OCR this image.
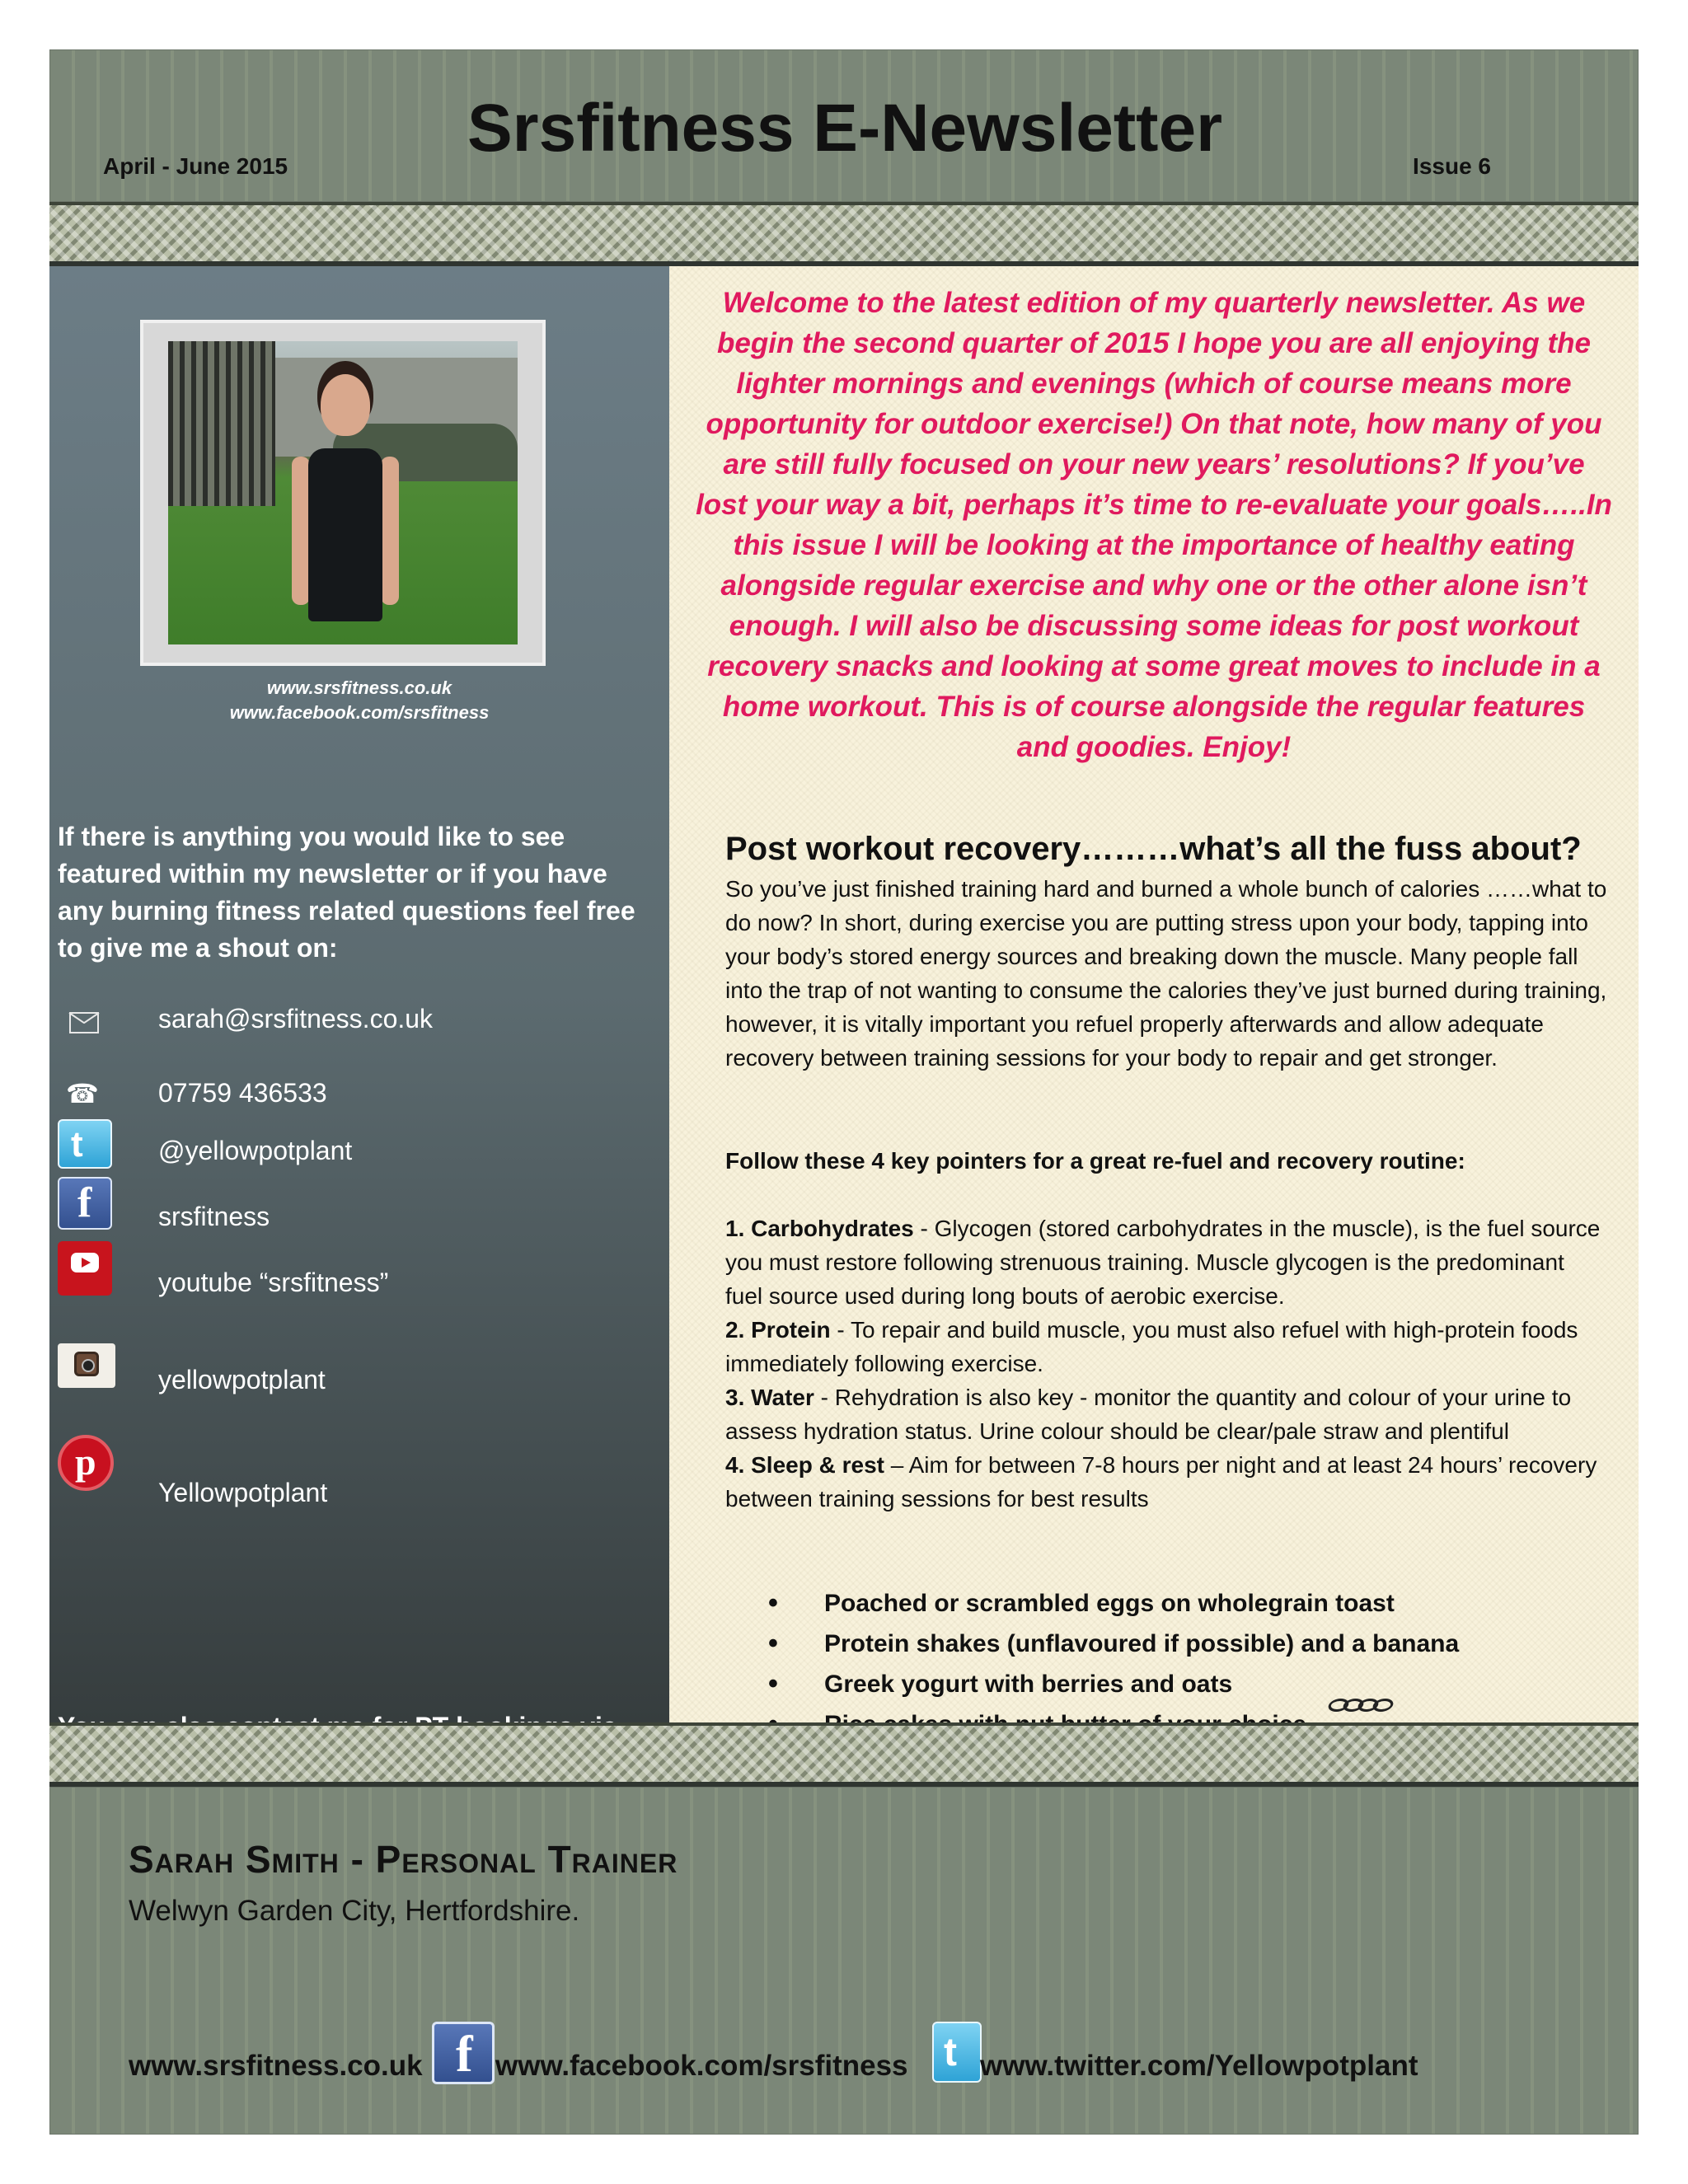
April - June 2015
Srsfitness E-Newsletter
Issue 6
www.srsfitness.co.uk
www.facebook.com/srsfitness
If there is anything you would like to see featured within my newsletter or if you have any burning fitness related questions feel free to give me a shout on:
sarah@srsfitness.co.uk
☎ 07759 436533
t	@yellowpotplant
f	srsfitness
youtube “srsfitness”
yellowpotplant
p
Yellowpotplant
Welcome to the latest edition of my quarterly newsletter. As we begin the second quarter of 2015 I hope you are all enjoying the lighter mornings and evenings (which of course means more opportunity for outdoor exercise!) On that note, how many of you are still fully focused on your new years’ resolutions? If you’ve lost your way a bit, perhaps it’s time to re-evaluate your goals…..In this issue I will be looking at the importance of healthy eating alongside regular exercise and why one or the other alone isn’t enough. I will also be discussing some ideas for post workout recovery snacks and looking at some great moves to include in a home workout. This is of course alongside the regular features and goodies. Enjoy!
Post workout recovery………what’s all the fuss about?
So you’ve just finished training hard and burned a whole bunch of calories ……what to do now? In short, during exercise you are putting stress upon your body, tapping into your body’s stored energy sources and breaking down the muscle. Many people fall into the trap of not wanting to consume the calories they’ve just burned during training, however, it is vitally important you refuel properly afterwards and allow adequate recovery between training sessions for your body to repair and get stronger.
Follow these 4 key pointers for a great re-fuel and recovery routine:
1. Carbohydrates - Glycogen (stored carbohydrates in the muscle), is the fuel source you must restore following strenuous training. Muscle glycogen is the predominant fuel source used during long bouts of aerobic exercise.
2. Protein - To repair and build muscle, you must also refuel with high-protein foods immediately following exercise.
3. Water - Rehydration is also key - monitor the quantity and colour of your urine to assess hydration status. Urine colour should be clear/pale straw and plentiful
4. Sleep & rest – Aim for between 7-8 hours per night and at least 24 hours’ recovery between training sessions for best results
• Poached or scrambled eggs on wholegrain toast
• Protein shakes (unflavoured if possible) and a banana
• Greek yogurt with berries and oats
•
Sarah Smith - Personal Trainer
Welwyn Garden City, Hertfordshire.
www.srsfitness.co.uk f www.facebook.com/srsfitness t www.twitter.com/Yellowpotplant
